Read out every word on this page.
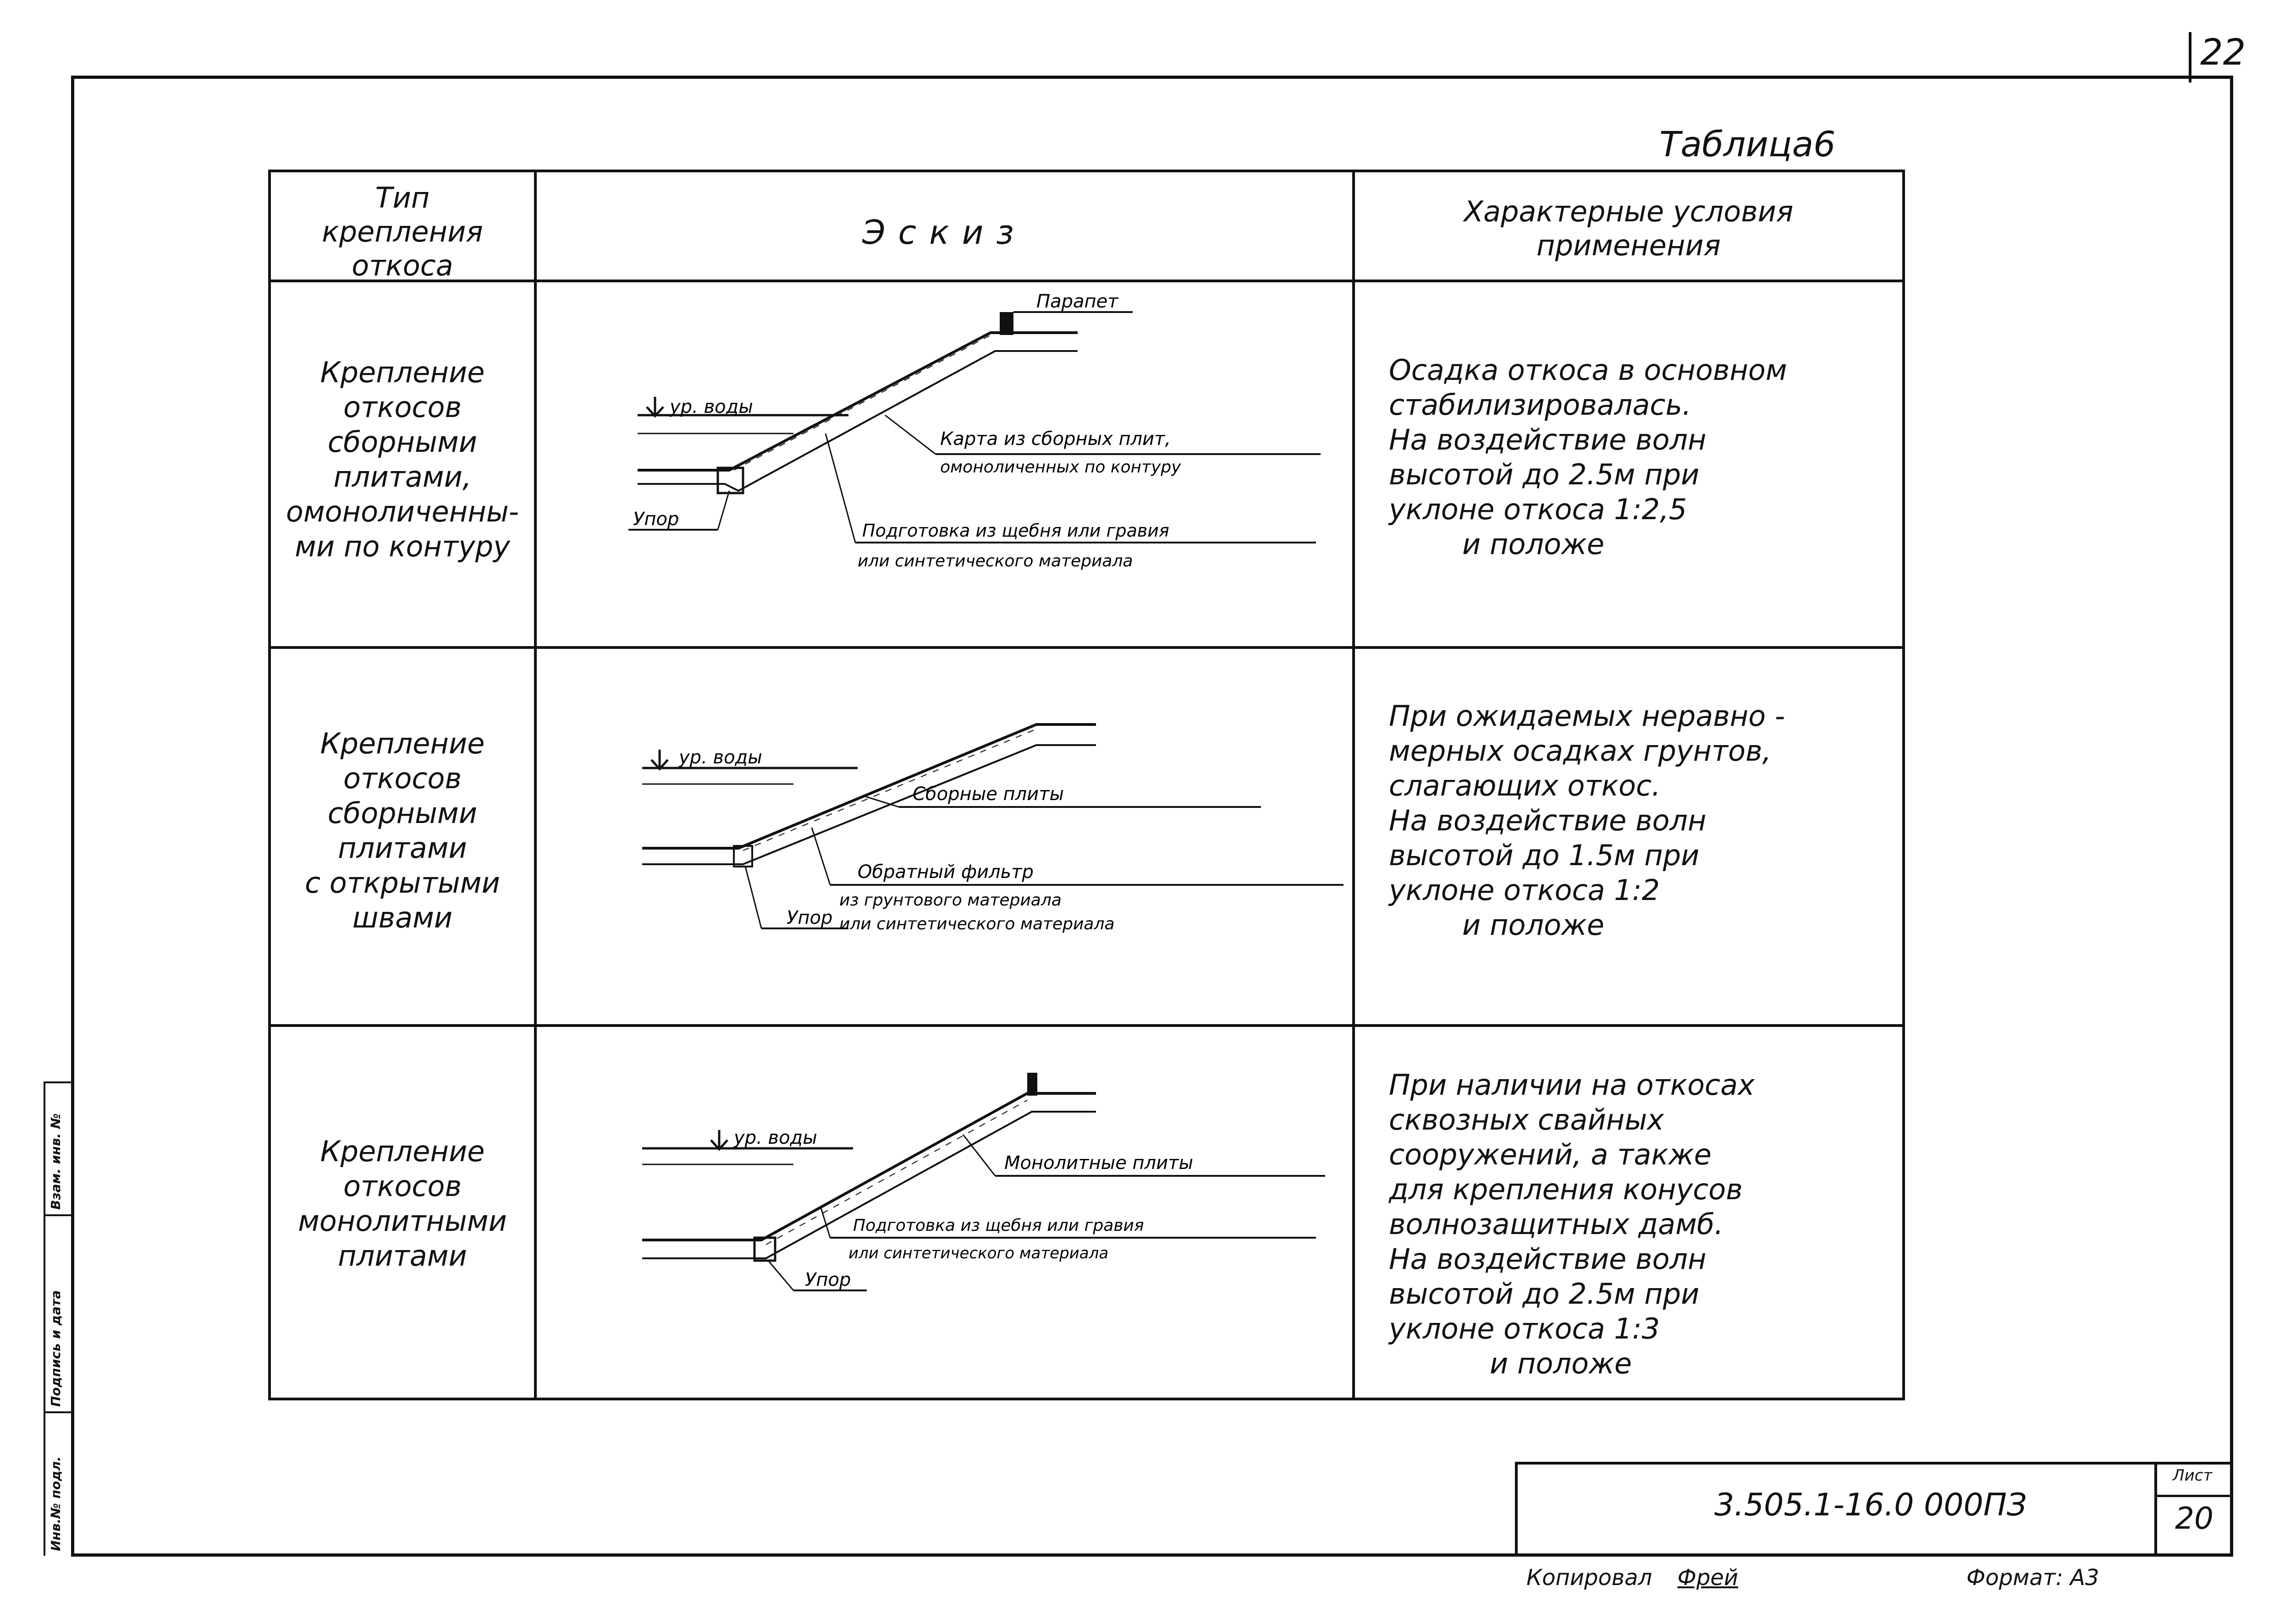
22
Таблица6
Тип
крепления
откоса
Эскиз
Характерные условия
применения
Крепление
откосов
сборными
плитами,
омоноличенны-
ми по контуру
Парапет
ур. воды
Карта из сборных плит,
омоноличенных по контуру
Упор
Подготовка из щебня или гравия
или синтетического материала
Осадка откоса в основном
стабилизировалась.
На воздействие волн
высотой до 2.5м при
уклоне откоса 1:2,5
и положе
Крепление
откосов
сборными
плитами
с открытыми
швами
ур. воды
Сборные плиты
Обратный фильтр
из грунтового материала
или синтетического материала
Упор
При ожидаемых неравно -
мерных осадках грунтов,
слагающих откос.
На воздействие волн
высотой до 1.5м при
уклоне откоса 1:2
и положе
Крепление
откосов
монолитными
плитами
ур. воды
Монолитные плиты
Подготовка из щебня или гравия
или синтетического материала
Упор
При наличии на откосах
сквозных свайных
сооружений, а также
для крепления конусов
волнозащитных дамб.
На воздействие волн
высотой до 2.5м при
уклоне откоса 1:3
и положе
3.505.1-16.0 000ПЗ
Лист
20
Копировал Фрей	Формат: А3
Инв.№ подл.
Подпись и дата
Взам. инв. №
